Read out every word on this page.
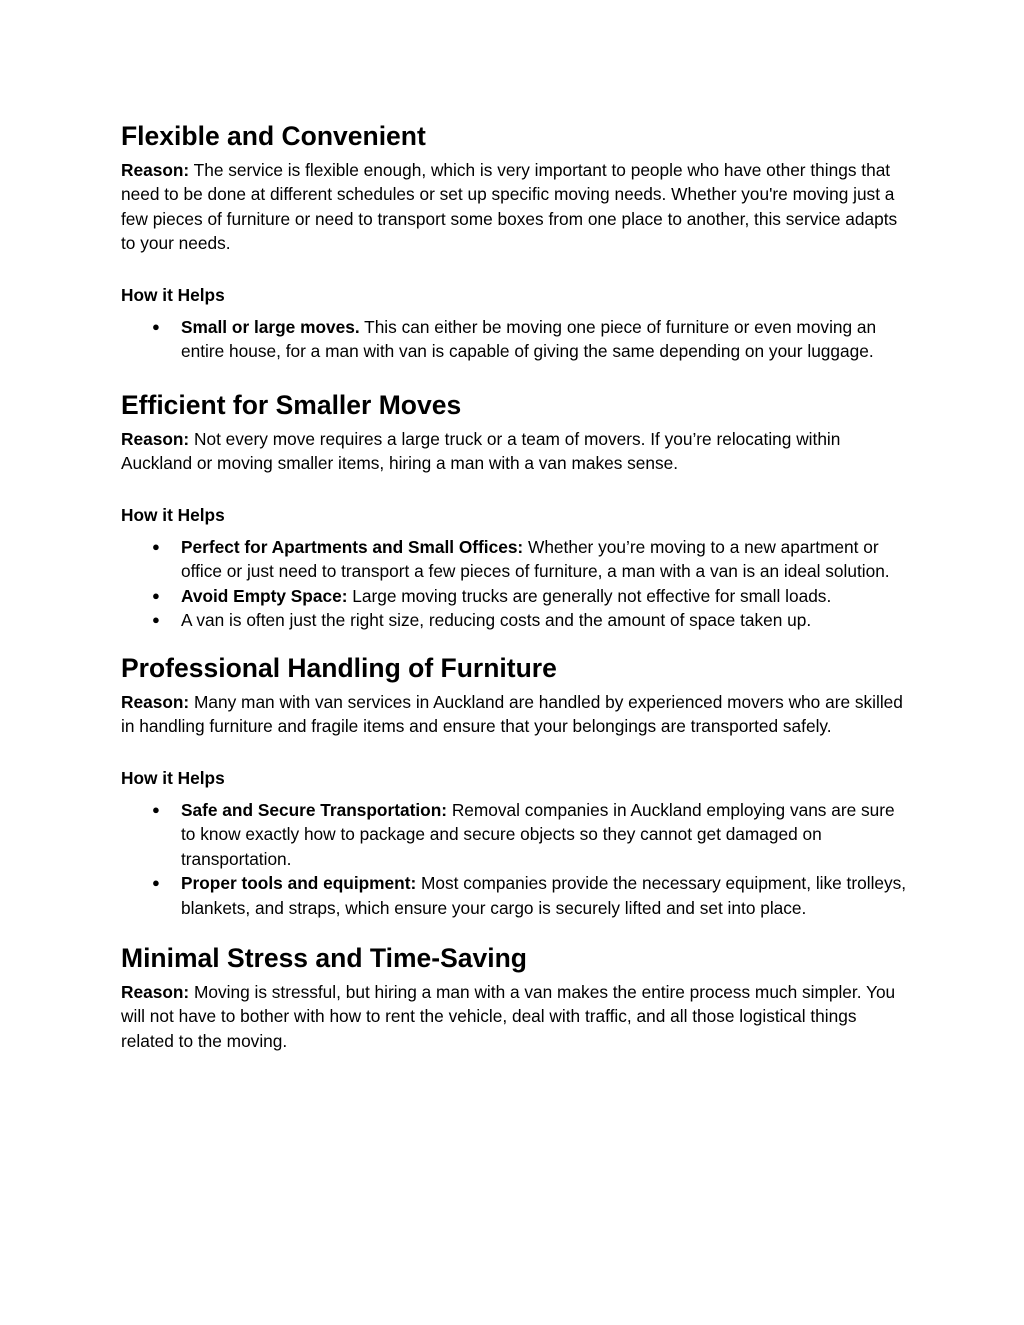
Flexible and Convenient

Reason: The service is flexible enough, which is very important to people who have other things that need to be done at different schedules or set up specific moving needs. Whether you're moving just a few pieces of furniture or need to transport some boxes from one place to another, this service adapts to your needs.

How it Helps
● Small or large moves. This can either be moving one piece of furniture or even moving an entire house, for a man with van is capable of giving the same depending on your luggage.
Efficient for Smaller Moves

Reason: Not every move requires a large truck or a team of movers. If you’re relocating within Auckland or moving smaller items, hiring a man with a van makes sense.

How it Helps
● Perfect for Apartments and Small Offices: Whether you’re moving to a new apartment or office or just need to transport a few pieces of furniture, a man with a van is an ideal solution.
● Avoid Empty Space: Large moving trucks are generally not effective for small loads.
● A van is often just the right size, reducing costs and the amount of space taken up.
Professional Handling of Furniture

Reason: Many man with van services in Auckland are handled by experienced movers who are skilled in handling furniture and fragile items and ensure that your belongings are transported safely.

How it Helps
● Safe and Secure Transportation: Removal companies in Auckland employing vans are sure to know exactly how to package and secure objects so they cannot get damaged on transportation.
● Proper tools and equipment: Most companies provide the necessary equipment, like trolleys, blankets, and straps, which ensure your cargo is securely lifted and set into place.
Minimal Stress and Time-Saving

Reason: Moving is stressful, but hiring a man with a van makes the entire process much simpler. You will not have to bother with how to rent the vehicle, deal with traffic, and all those logistical things related to the moving.
